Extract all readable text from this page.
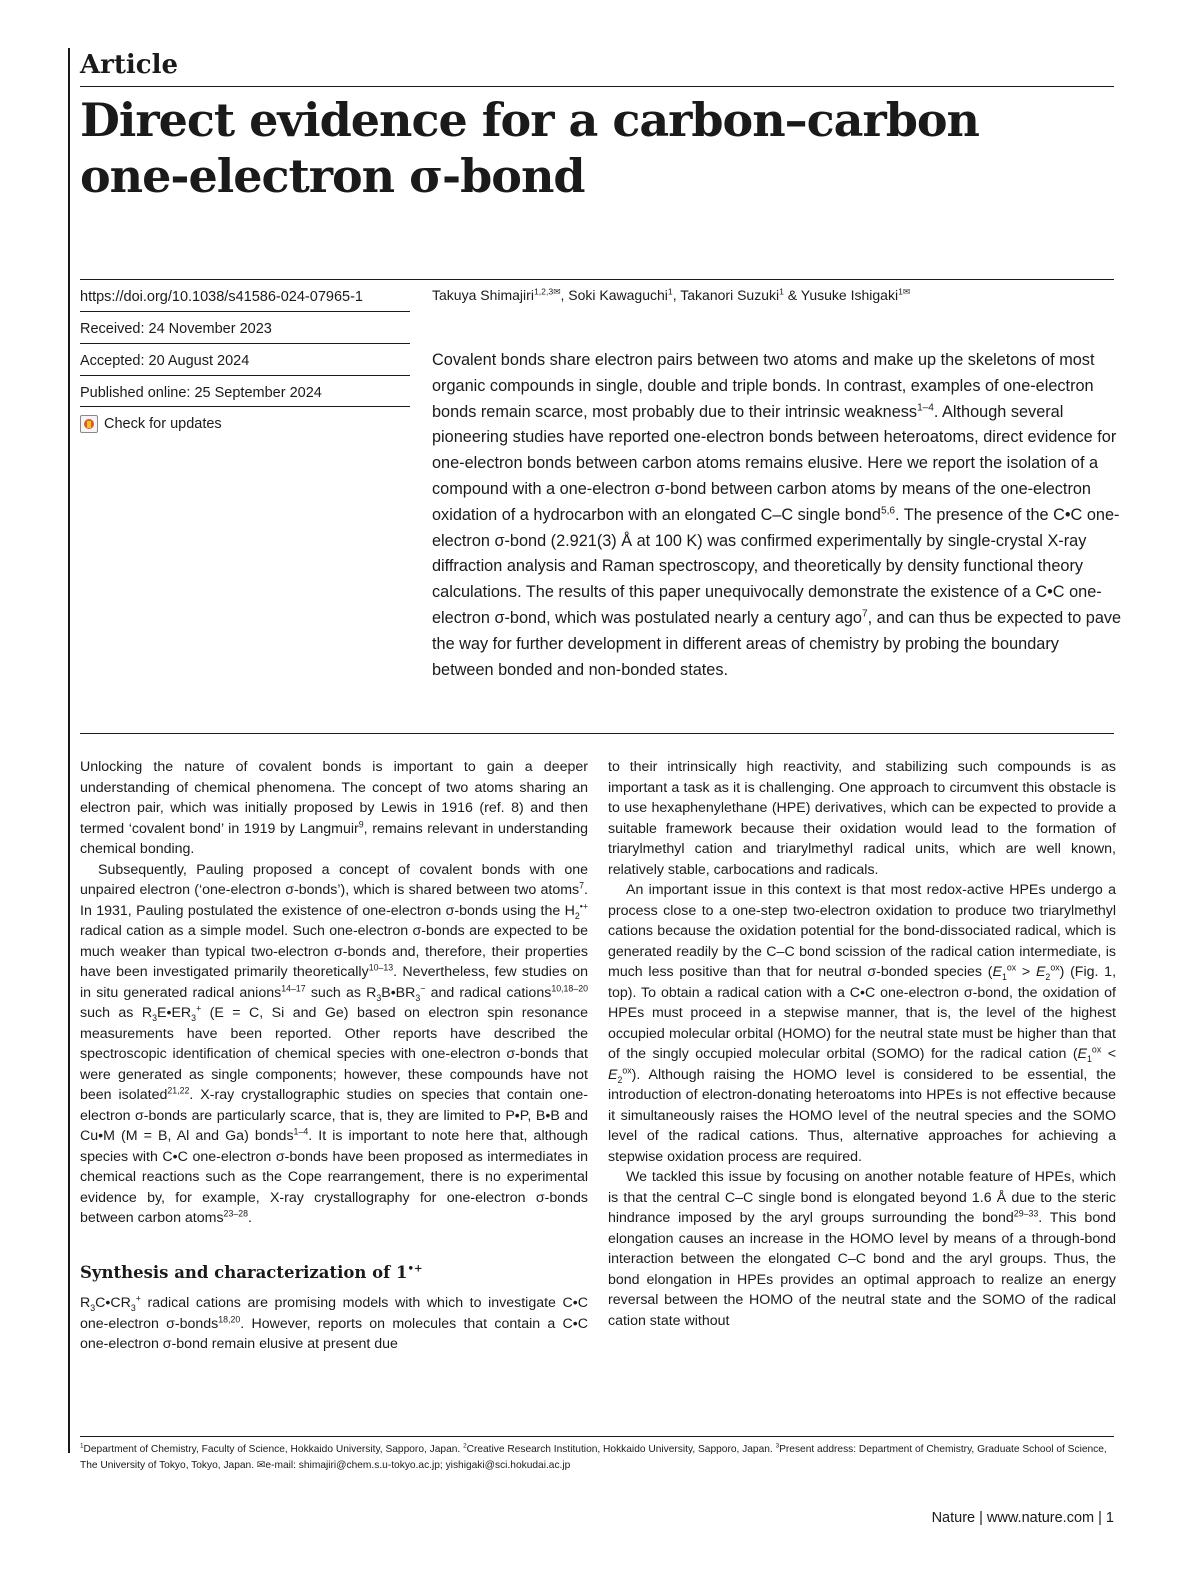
Article
Direct evidence for a carbon–carbon
one-electron σ-bond
https://doi.org/10.1038/s41586-024-07965-1
Received: 24 November 2023
Accepted: 20 August 2024
Published online: 25 September 2024
Check for updates
Takuya Shimajiri$^{1,2,3✉}$, Soki Kawaguchi$^1$, Takanori Suzuki$^1$ & Yusuke Ishigaki$^{1✉}$

Covalent bonds share electron pairs between two atoms and make up the skeletons of most organic compounds in single, double and triple bonds. In contrast, examples of one-electron bonds remain scarce, most probably due to their intrinsic weakness$^{1-4}$. Although several pioneering studies have reported one-electron bonds between heteroatoms, direct evidence for one-electron bonds between carbon atoms remains elusive. Here we report the isolation of a compound with a one-electron σ-bond between carbon atoms by means of the one-electron oxidation of a hydrocarbon with an elongated C–C single bond$^{5,6}$. The presence of the C•C one-electron σ-bond (2.921(3) Å at 100 K) was confirmed experimentally by single-crystal X-ray diffraction analysis and Raman spectroscopy, and theoretically by density functional theory calculations. The results of this paper unequivocally demonstrate the existence of a C•C one-electron σ-bond, which was postulated nearly a century ago$^7$, and can thus be expected to pave the way for further development in different areas of chemistry by probing the boundary between bonded and non-bonded states.

Unlocking the nature of covalent bonds is important to gain a deeper understanding of chemical phenomena. The concept of two atoms sharing an electron pair, which was initially proposed by Lewis in 1916 (ref. 8) and then termed ‘covalent bond’ in 1919 by Langmuir$^9$, remains relevant in understanding chemical bonding.

Subsequently, Pauling proposed a concept of covalent bonds with one unpaired electron (‘one-electron σ-bonds’), which is shared between two atoms$^7$. In 1931, Pauling postulated the existence of one-electron σ-bonds using the $H_2^{•+}$ radical cation as a simple model. Such one-electron σ-bonds are expected to be much weaker than typical two-electron σ-bonds and, therefore, their properties have been investigated primarily theoretically$^{10-13}$. Nevertheless, few studies on in situ generated radical anions$^{14-17}$ such as $R_3B•BR_3^-$ and radical cations$^{10,18-20}$ such as $R_3E•ER_3^+$ (E = C, Si and Ge) based on electron spin resonance measurements have been reported. Other reports have described the spectroscopic identification of chemical species with one-electron σ-bonds that were generated as single components; however, these compounds have not been isolated$^{21,22}$. X-ray crystallographic studies on species that contain one-electron σ-bonds are particularly scarce, that is, they are limited to P•P, B•B and Cu•M (M = B, Al and Ga) bonds$^{1-4}$. It is important to note here that, although species with C•C one-electron σ-bonds have been proposed as intermediates in chemical reactions such as the Cope rearrangement, there is no experimental evidence by, for example, X-ray crystallography for one-electron σ-bonds between carbon atoms$^{23-28}$.

Synthesis and characterization of 1•+

$R_3C•CR_3^+$ radical cations are promising models with which to investigate C•C one-electron σ-bonds$^{18,20}$. However, reports on molecules that contain a C•C one-electron σ-bond remain elusive at present due

to their intrinsically high reactivity, and stabilizing such compounds is as important a task as it is challenging. One approach to circumvent this obstacle is to use hexaphenylethane (HPE) derivatives, which can be expected to provide a suitable framework because their oxidation would lead to the formation of triarylmethyl cation and triarylmethyl radical units, which are well known, relatively stable, carbocations and radicals.

An important issue in this context is that most redox-active HPEs undergo a process close to a one-step two-electron oxidation to produce two triarylmethyl cations because the oxidation potential for the bond-dissociated radical, which is generated readily by the C–C bond scission of the radical cation intermediate, is much less positive than that for neutral σ-bonded species $(E_1^{ox} > E_2^{ox})$ (Fig. 1, top). To obtain a radical cation with a C•C one-electron σ-bond, the oxidation of HPEs must proceed in a stepwise manner, that is, the level of the highest occupied molecular orbital (HOMO) for the neutral state must be higher than that of the singly occupied molecular orbital (SOMO) for the radical cation $(E_1^{ox} < E_2^{ox})$. Although raising the HOMO level is considered to be essential, the introduction of electron-donating heteroatoms into HPEs is not effective because it simultaneously raises the HOMO level of the neutral species and the SOMO level of the radical cations. Thus, alternative approaches for achieving a stepwise oxidation process are required.

We tackled this issue by focusing on another notable feature of HPEs, which is that the central C–C single bond is elongated beyond 1.6 Å due to the steric hindrance imposed by the aryl groups surrounding the bond$^{29-33}$. This bond elongation causes an increase in the HOMO level by means of a through-bond interaction between the elongated C–C bond and the aryl groups. Thus, the bond elongation in HPEs provides an optimal approach to realize an energy reversal between the HOMO of the neutral state and the SOMO of the radical cation state without

$^1$Department of Chemistry, Faculty of Science, Hokkaido University, Sapporo, Japan. $^2$Creative Research Institution, Hokkaido University, Sapporo, Japan. $^3$Present address: Department of Chemistry, Graduate School of Science, The University of Tokyo, Tokyo, Japan. ✉e-mail: shimajiri@chem.s.u-tokyo.ac.jp; yishigaki@sci.hokudai.ac.jp
Nature | www.nature.com | 1
